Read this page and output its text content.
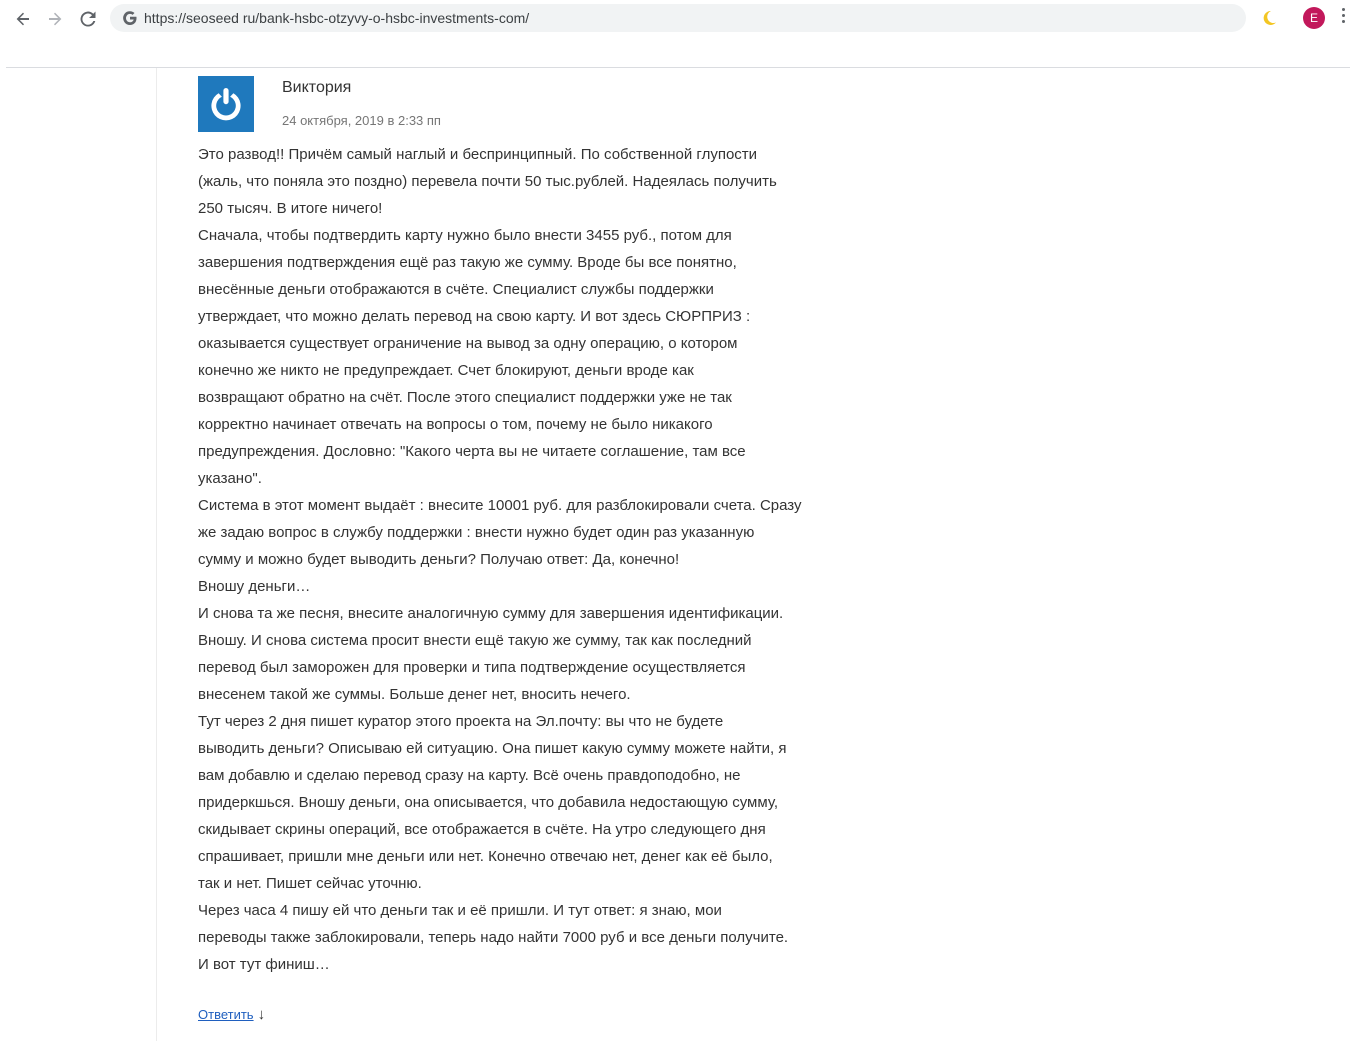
https://seoseed ru/bank-hsbc-otzyvy-o-hsbc-investments-com/	E
Виктория
24 октября, 2019 в 2:33 пп

Это развод!! Причём самый наглый и беспринципный. По собственной глупости

(жаль, что поняла это поздно) перевела почти 50 тыс.рублей. Надеялась получить

250 тысяч. В итоге ничего!

Сначала, чтобы подтвердить карту нужно было внести 3455 руб., потом для

завершения подтверждения ещё раз такую же сумму. Вроде бы все понятно,

внесённые деньги отображаются в счёте. Специалист службы поддержки

утверждает, что можно делать перевод на свою карту. И вот здесь СЮРПРИЗ :

оказывается существует ограничение на вывод за одну операцию, о котором

конечно же никто не предупреждает. Счет блокируют, деньги вроде как

возвращают обратно на счёт. После этого специалист поддержки уже не так

корректно начинает отвечать на вопросы о том, почему не было никакого

предупреждения. Дословно: "Какого черта вы не читаете соглашение, там все

указано".

Система в этот момент выдаёт : внесите 10001 руб. для разблокировали счета. Сразу

же задаю вопрос в службу поддержки : внести нужно будет один раз указанную

сумму и можно будет выводить деньги? Получаю ответ: Да, конечно!

Вношу деньги…

И снова та же песня, внесите аналогичную сумму для завершения идентификации.

Вношу. И снова система просит внести ещё такую же сумму, так как последний

перевод был заморожен для проверки и типа подтверждение осуществляется

внесенем такой же суммы. Больше денег нет, вносить нечего.

Тут через 2 дня пишет куратор этого проекта на Эл.почту: вы что не будете

выводить деньги? Описываю ей ситуацию. Она пишет какую сумму можете найти, я

вам добавлю и сделаю перевод сразу на карту. Всё очень правдоподобно, не

придеркшься. Вношу деньги, она описывается, что добавила недостающую сумму,

скидывает скрины операций, все отображается в счёте. На утро следующего дня

спрашивает, пришли мне деньги или нет. Конечно отвечаю нет, денег как её было,

так и нет. Пишет сейчас уточню.

Через часа 4 пишу ей что деньги так и её пришли. И тут ответ: я знаю, мои

переводы также заблокировали, теперь надо найти 7000 руб и все деньги получите.

И вот тут финиш…

Ответить ↓
